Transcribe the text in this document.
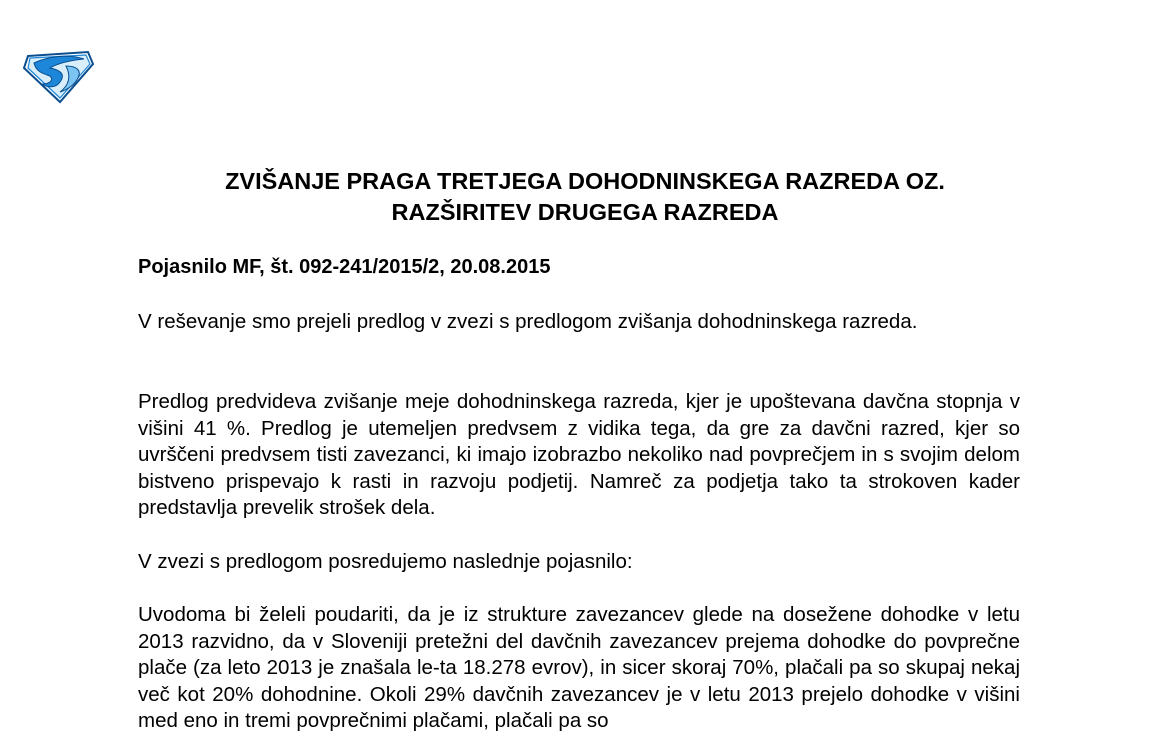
ZVIŠANJE PRAGA TRETJEGA DOHODNINSKEGA RAZREDA OZ.
RAZŠIRITEV DRUGEGA RAZREDA

Pojasnilo MF, št. 092-241/2015/2, 20.08.2015

V reševanje smo prejeli predlog v zvezi s predlogom zvišanja dohodninskega razreda.

Predlog predvideva zvišanje meje dohodninskega razreda, kjer je upoštevana davčna stopnja v višini 41 %. Predlog je utemeljen predvsem z vidika tega, da gre za davčni razred, kjer so uvrščeni predvsem tisti zavezanci, ki imajo izobrazbo nekoliko nad povprečjem in s svojim delom bistveno prispevajo k rasti in razvoju podjetij. Namreč za podjetja tako ta strokoven kader predstavlja prevelik strošek dela.

V zvezi s predlogom posredujemo naslednje pojasnilo:

Uvodoma bi želeli poudariti, da je iz strukture zavezancev glede na dosežene dohodke v letu 2013 razvidno, da v Sloveniji pretežni del davčnih zavezancev prejema dohodke do povprečne plače (za leto 2013 je znašala le-ta 18.278 evrov), in sicer skoraj 70%, plačali pa so skupaj nekaj več kot 20% dohodnine. Okoli 29% davčnih zavezancev je v letu 2013 prejelo dohodke v višini med eno in tremi povprečnimi plačami, plačali pa so
